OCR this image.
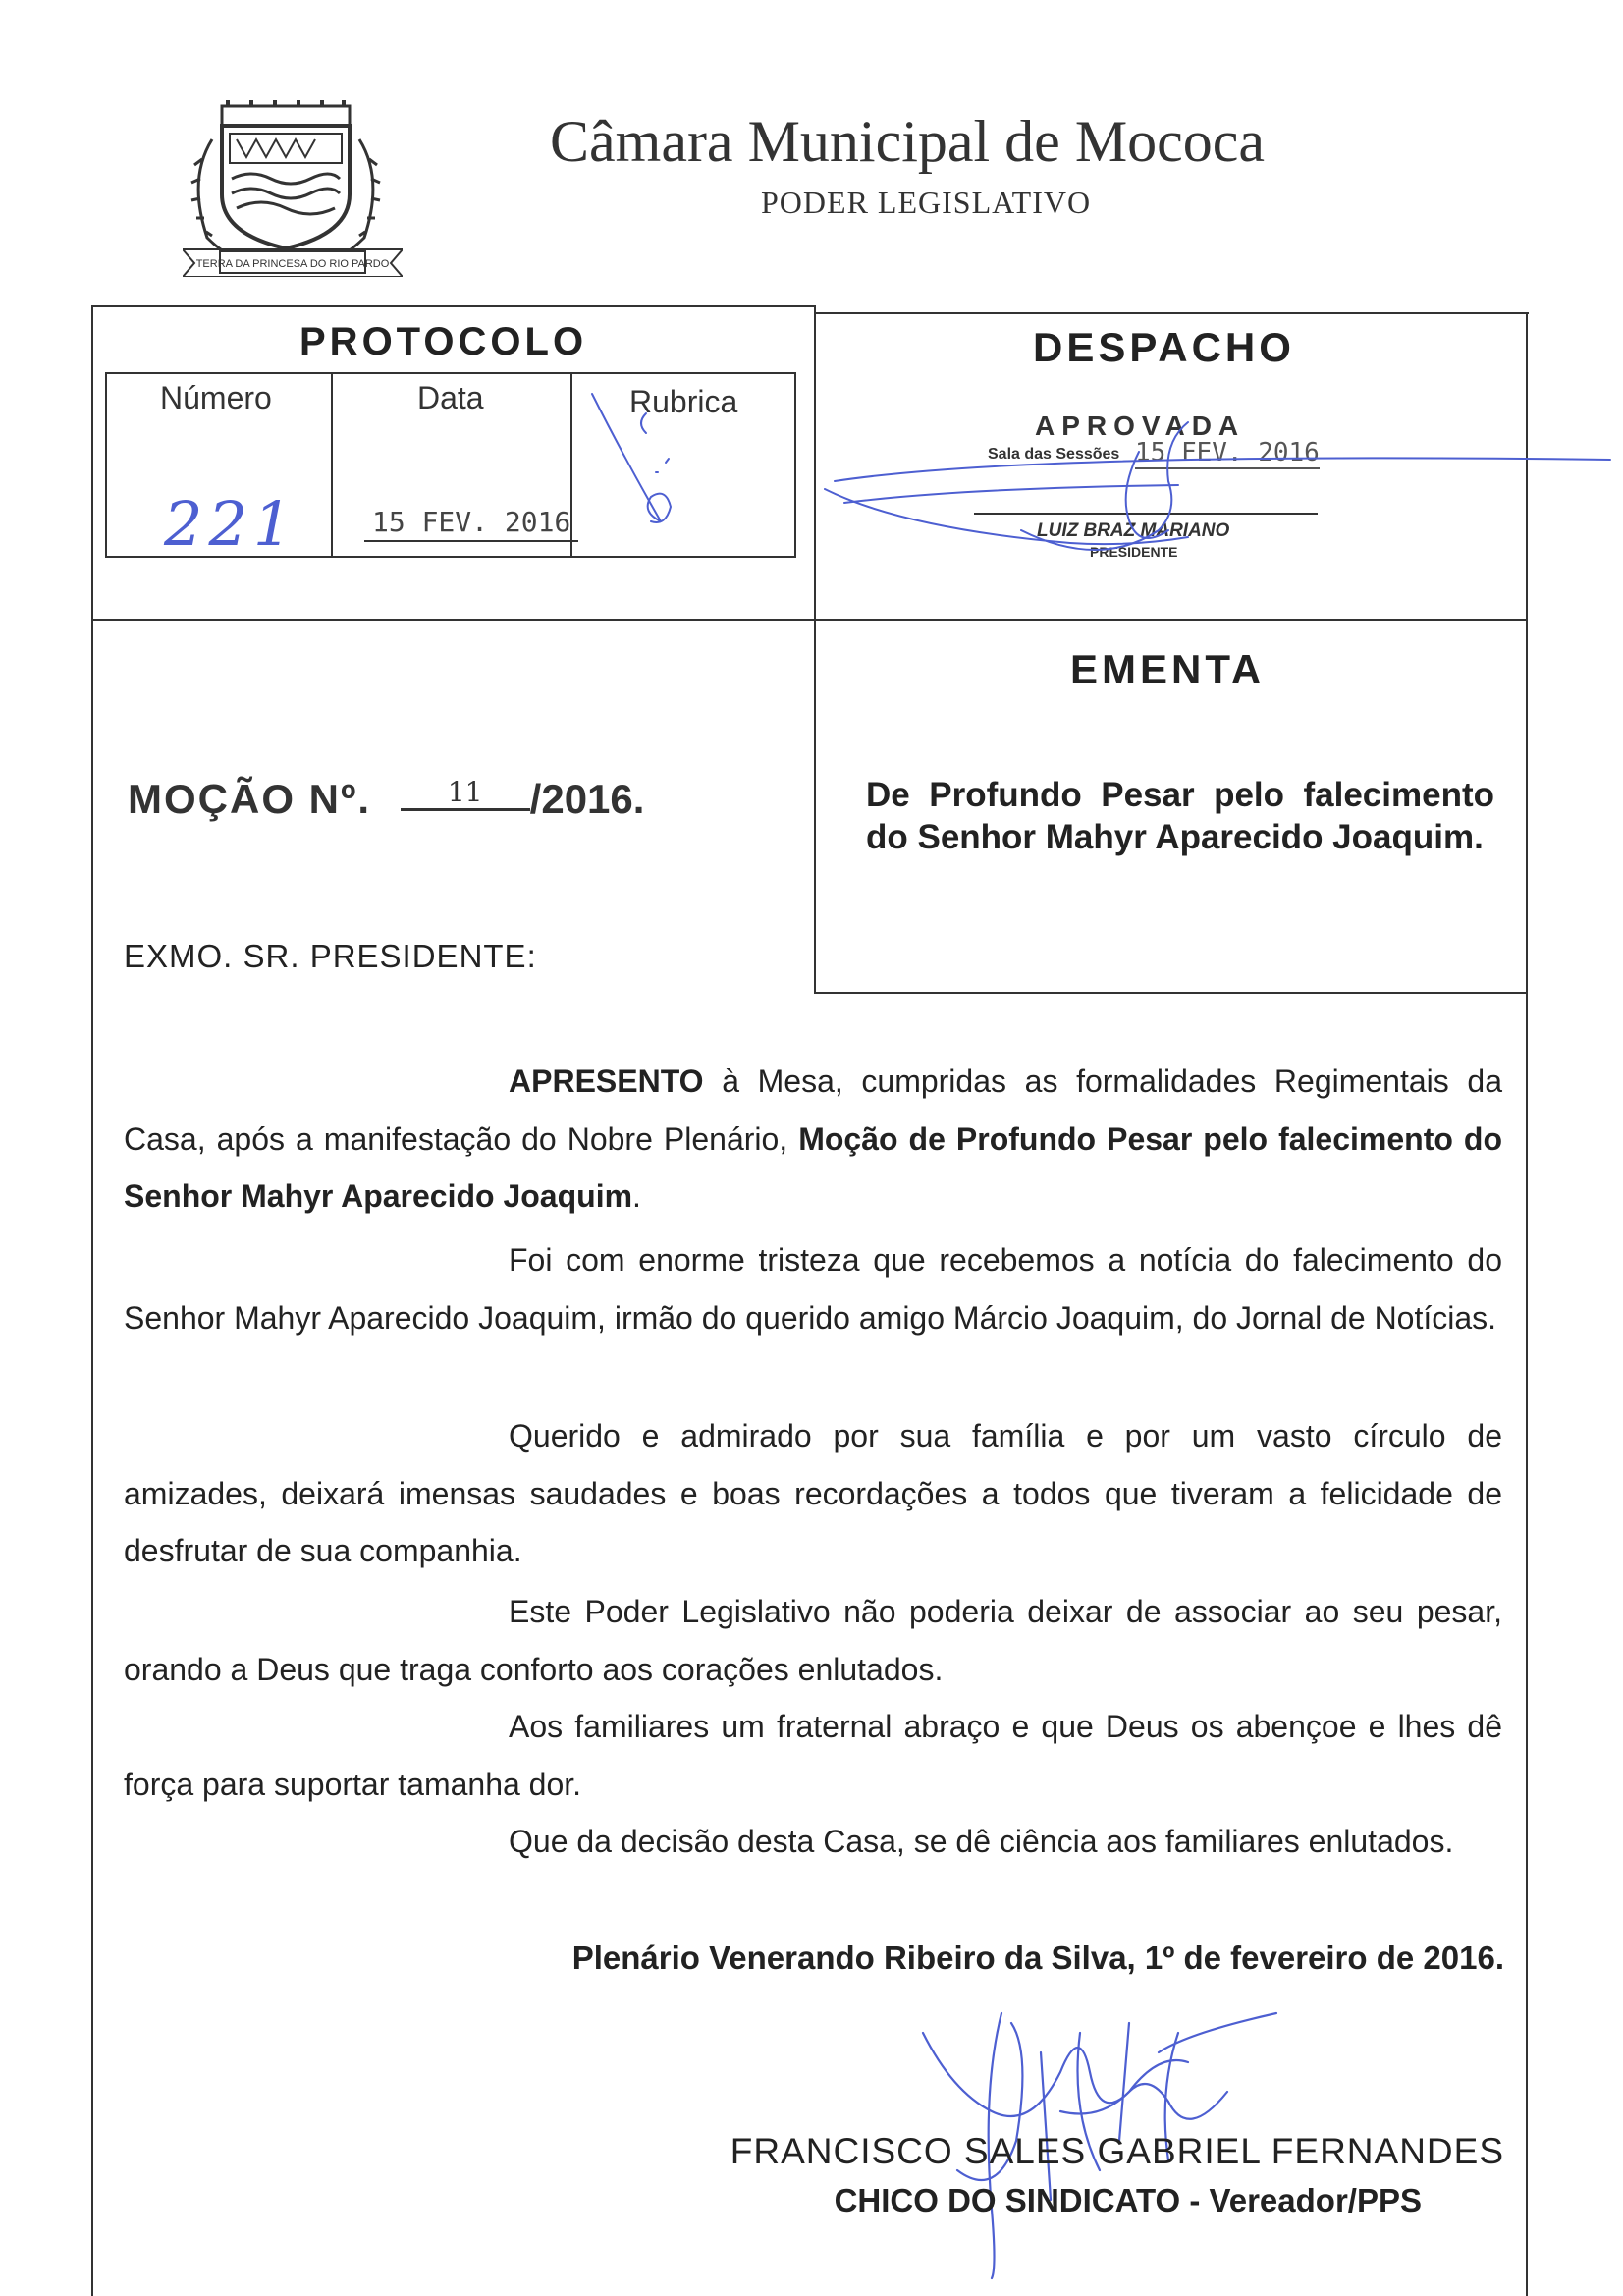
TERRA DA PRINCESA DO RIO PARDO
Câmara Municipal de Mococa
PODER LEGISLATIVO
PROTOCOLO
Número	Data	Rubrica
221	15 FEV. 2016
DESPACHO
APROVADA
Sala das Sessões 15 FEV. 2016
LUIZ BRAZ MARIANO
PRESIDENTE
EMENTA
MOÇÃO Nº.	11 /2016.	De Profundo Pesar pelo falecimento do Senhor Mahyr Aparecido Joaquim.
EXMO. SR. PRESIDENTE:
APRESENTO à Mesa, cumpridas as formalidades Regimentais da Casa, após a manifestação do Nobre Plenário, Moção de Profundo Pesar pelo falecimento do Senhor Mahyr Aparecido Joaquim.
Foi com enorme tristeza que recebemos a notícia do falecimento do Senhor Mahyr Aparecido Joaquim, irmão do querido amigo Márcio Joaquim, do Jornal de Notícias.
Querido e admirado por sua família e por um vasto círculo de amizades, deixará imensas saudades e boas recordações a todos que tiveram a felicidade de desfrutar de sua companhia.
Este Poder Legislativo não poderia deixar de associar ao seu pesar, orando a Deus que traga conforto aos corações enlutados.
Aos familiares um fraternal abraço e que Deus os abençoe e lhes dê força para suportar tamanha dor.
Que da decisão desta Casa, se dê ciência aos familiares enlutados.
Plenário Venerando Ribeiro da Silva, 1º de fevereiro de 2016.
FRANCISCO SALES GABRIEL FERNANDES
CHICO DO SINDICATO - Vereador/PPS
